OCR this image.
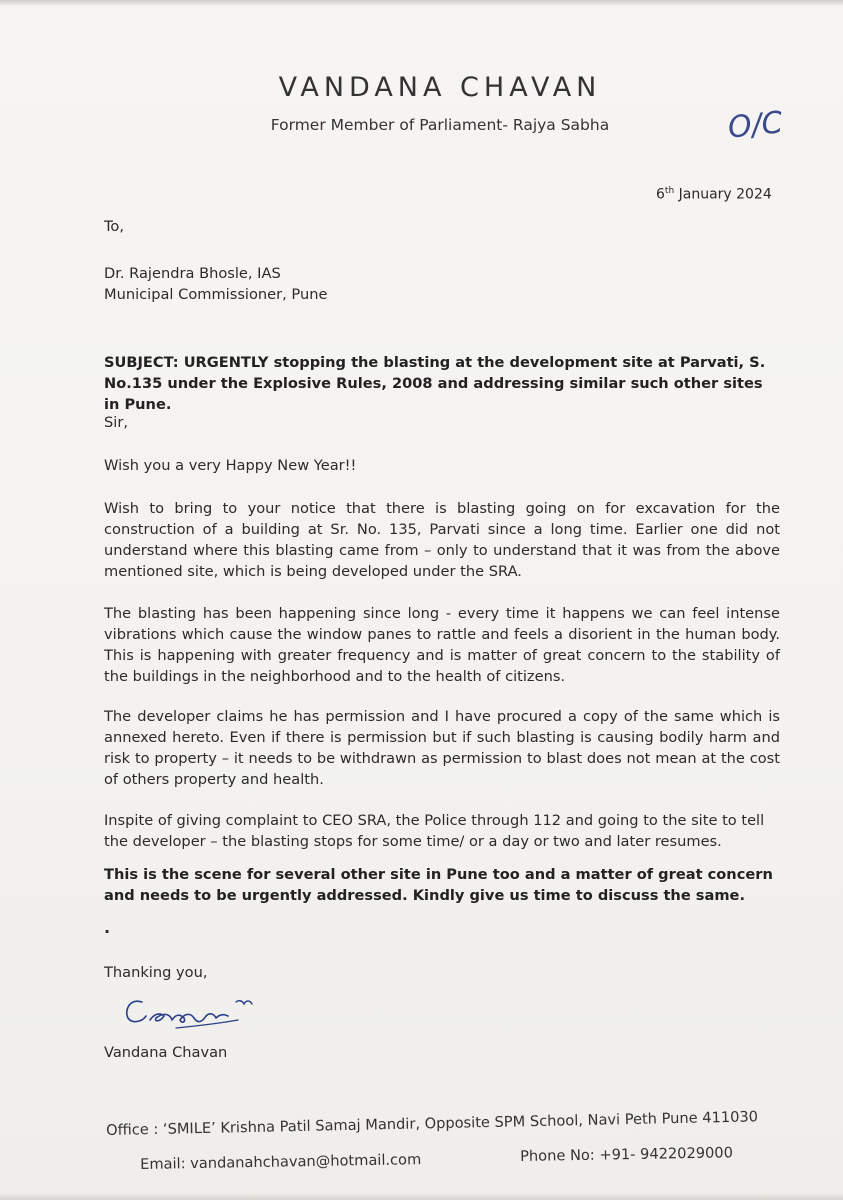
VANDANA CHAVAN
Former Member of Parliament- Rajya Sabha	O/C
6th January 2024
To,
Dr. Rajendra Bhosle, IAS
Municipal Commissioner, Pune
SUBJECT: URGENTLY stopping the blasting at the development site at Parvati, S. No.135 under the Explosive Rules, 2008 and addressing similar such other sites in Pune.
Sir,
Wish you a very Happy New Year!!
Wish to bring to your notice that there is blasting going on for excavation for the construction of a building at Sr. No. 135, Parvati since a long time. Earlier one did not understand where this blasting came from – only to understand that it was from the above mentioned site, which is being developed under the SRA.
The blasting has been happening since long - every time it happens we can feel intense vibrations which cause the window panes to rattle and feels a disorient in the human body. This is happening with greater frequency and is matter of great concern to the stability of the buildings in the neighborhood and to the health of citizens.
The developer claims he has permission and I have procured a copy of the same which is annexed hereto. Even if there is permission but if such blasting is causing bodily harm and risk to property – it needs to be withdrawn as permission to blast does not mean at the cost of others property and health.
Inspite of giving complaint to CEO SRA, the Police through 112 and going to the site to tell the developer – the blasting stops for some time/ or a day or two and later resumes.
This is the scene for several other site in Pune too and a matter of great concern and needs to be urgently addressed. Kindly give us time to discuss the same.
.
Thanking you,
Vandana Chavan
Office : ‘SMILE’ Krishna Patil Samaj Mandir, Opposite SPM School, Navi Peth Pune 411030
Email: vandanahchavan@hotmail.com	Phone No: +91- 9422029000
